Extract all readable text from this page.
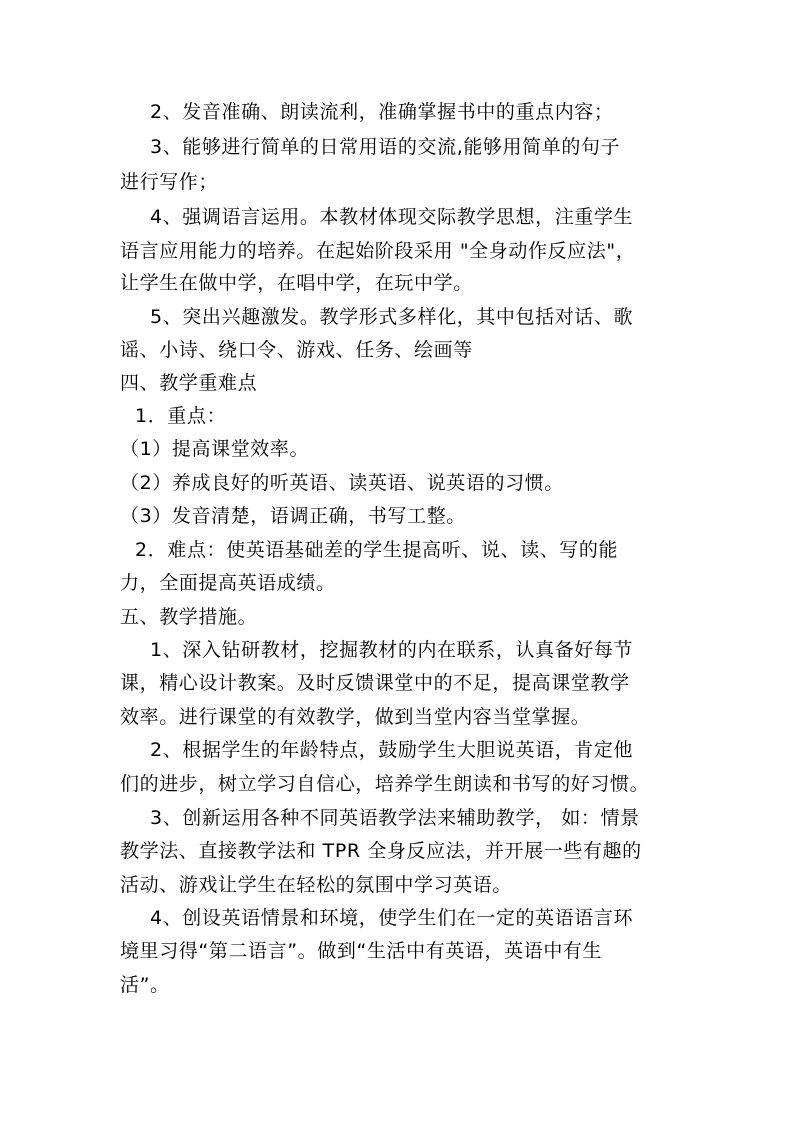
2、发音准确、朗读流利，准确掌握书中的重点内容；
3、能够进行简单的日常用语的交流,能够用简单的句子
进行写作；
4、强调语言运用。本教材体现交际教学思想，注重学生
语言应用能力的培养。在起始阶段采用 "全身动作反应法"，
让学生在做中学，在唱中学，在玩中学。
5、突出兴趣激发。教学形式多样化，其中包括对话、歌
谣、小诗、绕口令、游戏、任务、绘画等
四、教学重难点
1．重点：
（1）提高课堂效率。
（2）养成良好的听英语、读英语、说英语的习惯。
（3）发音清楚，语调正确，书写工整。
2．难点：使英语基础差的学生提高听、说、读、写的能
力，全面提高英语成绩。
五、教学措施。
1、深入钻研教材，挖掘教材的内在联系，认真备好每节
课，精心设计教案。及时反馈课堂中的不足，提高课堂教学
效率。进行课堂的有效教学，做到当堂内容当堂掌握。
2、根据学生的年龄特点，鼓励学生大胆说英语，肯定他
们的进步，树立学习自信心，培养学生朗读和书写的好习惯。
3、创新运用各种不同英语教学法来辅助教学， 如：情景
教学法、直接教学法和 TPR 全身反应法，并开展一些有趣的
活动、游戏让学生在轻松的氛围中学习英语。
4、创设英语情景和环境，使学生们在一定的英语语言环
境里习得“第二语言”。做到“生活中有英语，英语中有生
活”。
